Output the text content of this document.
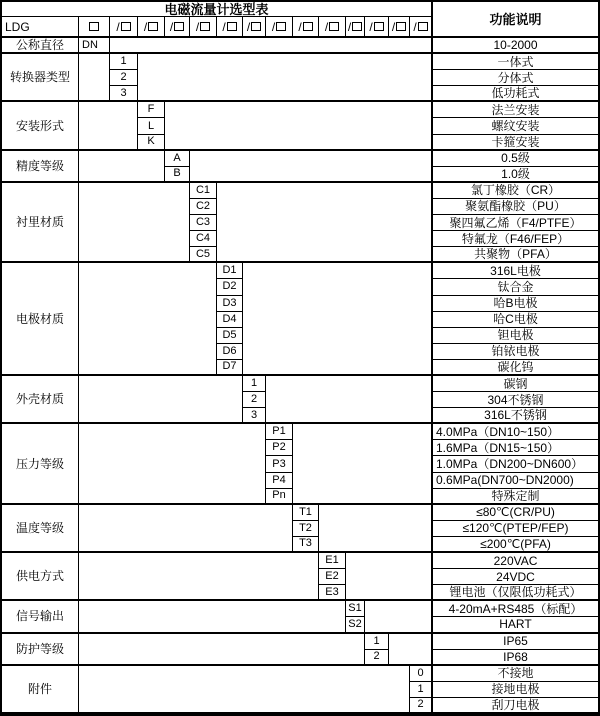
电磁流量计选型表
功能说明
LDG	/ / / / / / / / / / / / /
公称直径	DN	10-2000
转换器类型
1	一体式
2	分体式
3	低功耗式
安装形式
F	法兰安装
L	螺纹安装
K	卡箍安装
精度等级
A	0.5级
B	1.0级
衬里材质
C1	氯丁橡胶（CR）
C2	聚氨酯橡胶（PU）
C3	聚四氟乙烯（F4/PTFE）
C4	特氟龙（F46/FEP）
C5	共聚物（PFA）
电极材质
D1	316L电极
D2	钛合金
D3	哈B电极
D4	哈C电极
D5	钽电极
D6	铂铱电极
D7	碳化钨
外壳材质
1	碳钢
2	304不锈钢
3	316L不锈钢
压力等级
P1	4.0MPa（DN10~150）
P2	1.6MPa（DN15~150）
P3	1.0MPa（DN200~DN600）
P4	0.6MPa(DN700~DN2000)
Pn	特殊定制
温度等级
T1	≤80℃(CR/PU)
T2	≤120℃(PTEP/FEP)
T3	≤200℃(PFA)
供电方式
E1	220VAC
E2	24VDC
E3	锂电池（仅限低功耗式）
信号输出
S1	4-20mA+RS485（标配）
S2	HART
防护等级
1	IP65
2	IP68
附件
0	不接地
1	接地电极
2	刮刀电极
